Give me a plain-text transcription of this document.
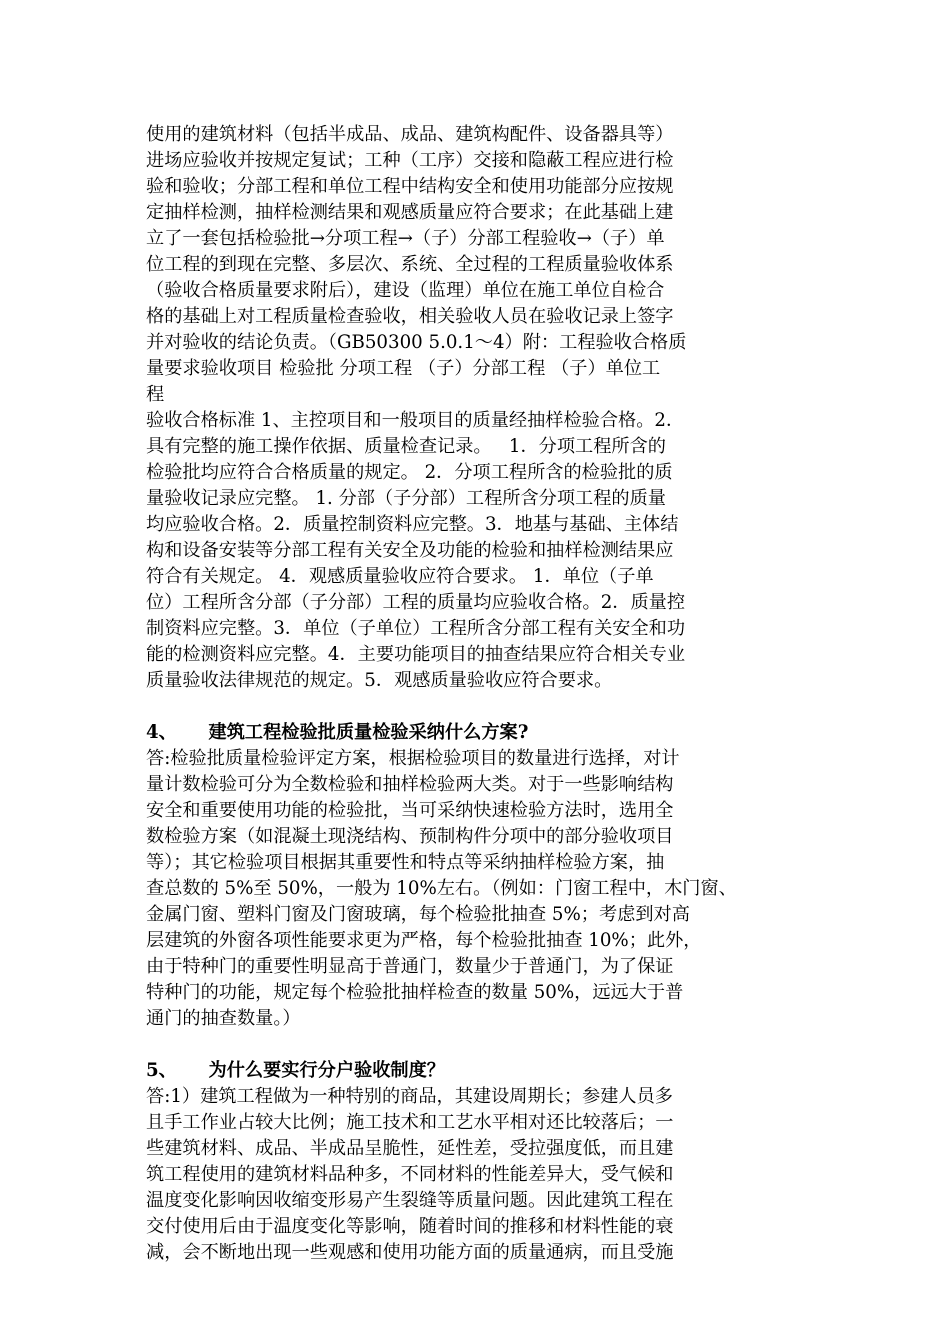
使用的建筑材料（包括半成品、成品、建筑构配件、设备器具等）
进场应验收并按规定复试；工种（工序）交接和隐蔽工程应进行检
验和验收；分部工程和单位工程中结构安全和使用功能部分应按规
定抽样检测，抽样检测结果和观感质量应符合要求；在此基础上建
立了一套包括检验批→分项工程→（子）分部工程验收→（子）单
位工程的到现在完整、多层次、系统、全过程的工程质量验收体系
（验收合格质量要求附后），建设（监理）单位在施工单位自检合
格的基础上对工程质量检查验收，相关验收人员在验收记录上签字
并对验收的结论负责。（GB50300 5.0.1～4）附：工程验收合格质
量要求验收项目 检验批 分项工程 （子）分部工程 （子）单位工
程
验收合格标准 1、主控项目和一般项目的质量经抽样检验合格。2．
具有完整的施工操作依据、质量检查记录。   1．分项工程所含的
检验批均应符合合格质量的规定。 2．分项工程所含的检验批的质
量验收记录应完整。 1. 分部（子分部）工程所含分项工程的质量
均应验收合格。2．质量控制资料应完整。3．地基与基础、主体结
构和设备安装等分部工程有关安全及功能的检验和抽样检测结果应
符合有关规定。 4．观感质量验收应符合要求。 1．单位（子单
位）工程所含分部（子分部）工程的质量均应验收合格。2．质量控
制资料应完整。3．单位（子单位）工程所含分部工程有关安全和功
能的检测资料应完整。4．主要功能项目的抽查结果应符合相关专业
质量验收法律规范的规定。5．观感质量验收应符合要求。
4、     建筑工程检验批质量检验采纳什么方案?
答:检验批质量检验评定方案，根据检验项目的数量进行选择，对计
量计数检验可分为全数检验和抽样检验两大类。对于一些影响结构
安全和重要使用功能的检验批，当可采纳快速检验方法时，选用全
数检验方案（如混凝土现浇结构、预制构件分项中的部分验收项目
等）；其它检验项目根据其重要性和特点等采纳抽样检验方案，抽
查总数的 5%至 50%，一般为 10%左右。（例如：门窗工程中，木门窗、
金属门窗、塑料门窗及门窗玻璃，每个检验批抽查 5%；考虑到对高
层建筑的外窗各项性能要求更为严格，每个检验批抽查 10%；此外，
由于特种门的重要性明显高于普通门，数量少于普通门，为了保证
特种门的功能，规定每个检验批抽样检查的数量 50%，远远大于普
通门的抽查数量。）
5、     为什么要实行分户验收制度？
答:1）建筑工程做为一种特别的商品，其建设周期长；参建人员多
且手工作业占较大比例；施工技术和工艺水平相对还比较落后；一
些建筑材料、成品、半成品呈脆性，延性差，受拉强度低，而且建
筑工程使用的建筑材料品种多，不同材料的性能差异大，受气候和
温度变化影响因收缩变形易产生裂缝等质量问题。因此建筑工程在
交付使用后由于温度变化等影响，随着时间的推移和材料性能的衰
减，会不断地出现一些观感和使用功能方面的质量通病，而且受施
